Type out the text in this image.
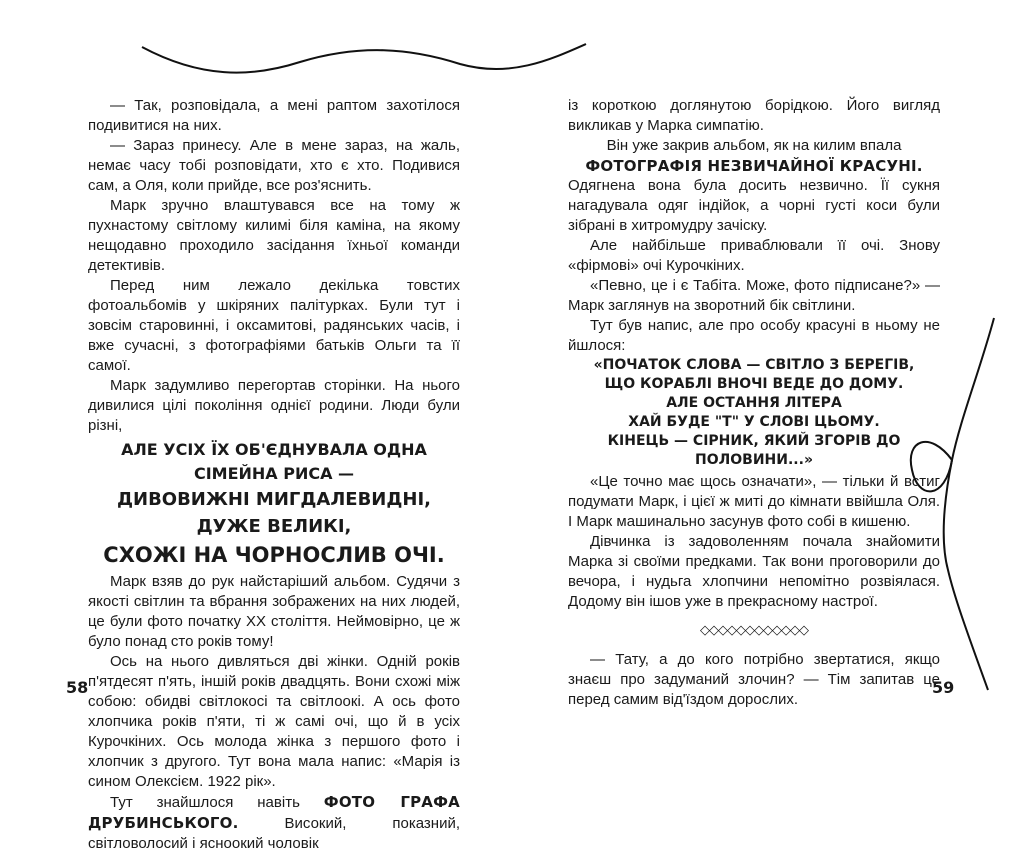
— Так, розповідала, а мені раптом захотілося подивитися на них.

— Зараз принесу. Але в мене зараз, на жаль, немає часу тобі розповідати, хто є хто. Подивися сам, а Оля, коли прийде, все роз'яснить.

Марк зручно влаштувався все на тому ж пухнастому світлому килимі біля каміна, на якому нещодавно проходило засідання їхньої команди детективів.

Перед ним лежало декілька товстих фотоальбомів у шкіряних палітурках. Були тут і зовсім старовинні, і оксамитові, радянських часів, і вже сучасні, з фотографіями батьків Ольги та її самої.

Марк задумливо перегортав сторінки. На нього дивилися цілі покоління однієї родини. Люди були різні,

АЛЕ УСІХ ЇХ ОБ'ЄДНУВАЛА ОДНА СІМЕЙНА РИСА —
ДИВОВИЖНІ МИГДАЛЕВИДНІ, ДУЖЕ ВЕЛИКІ,
СХОЖІ НА ЧОРНОСЛИВ ОЧІ.

Марк взяв до рук найстаріший альбом. Судячи з якості світлин та вбрання зображених на них людей, це були фото початку ХХ століття. Неймовірно, це ж було понад сто років тому!

Ось на нього дивляться дві жінки. Одній років п'ятдесят п'ять, іншій років двадцять. Вони схожі між собою: обидві світлокосі та світлоокі. А ось фото хлопчика років п'яти, ті ж самі очі, що й в усіх Курочкіних. Ось молода жінка з першого фото і хлопчик з другого. Тут вона мала напис: «Марія із сином Олексієм. 1922 рік».

Тут знайшлося навіть ФОТО ГРАФА ДРУБИНСЬКОГО.	Високий, показний, світловолосий і ясноокий чоловік

із короткою доглянутою борідкою. Його вигляд викликав у Марка симпатію.

Він уже закрив альбом, як на килим впала

ФОТОГРАФІЯ НЕЗВИЧАЙНОЇ КРАСУНІ.

Одягнена вона була досить незвично. Її сукня нагадувала одяг індійок, а чорні густі коси були зібрані в хитромудру зачіску.

Але найбільше приваблювали її очі. Знову «фірмові» очі Курочкіних.

«Певно, це і є Табіта. Може, фото підписане?» — Марк заглянув на зворотний бік світлини.

Тут був напис, але про особу красуні в ньому не йшлося:

«ПОЧАТОК СЛОВА — СВІТЛО З БЕРЕГІВ,
ЩО КОРАБЛІ ВНОЧІ ВЕДЕ ДО ДОМУ.
АЛЕ ОСТАННЯ ЛІТЕРА
ХАЙ БУДЕ "Т" У СЛОВІ ЦЬОМУ.
КІНЕЦЬ — СІРНИК, ЯКИЙ ЗГОРІВ ДО ПОЛОВИНИ...»

«Це точно має щось означати», — тільки й встиг подумати Марк, і цієї ж миті до кімнати ввійшла Оля. І Марк машинально засунув фото собі в кишеню.

Дівчинка із задоволенням почала знайомити Марка зі своїми предками. Так вони проговорили до вечора, і нудьга хлопчини непомітно розвіялася. Додому він ішов уже в прекрасному настрої.

◇◇◇◇◇◇◇◇◇◇◇◇

— Тату, а до кого потрібно звертатися, якщо знаєш про задуманий злочин? — Тім запитав це перед самим від'їздом дорослих.

58	59
